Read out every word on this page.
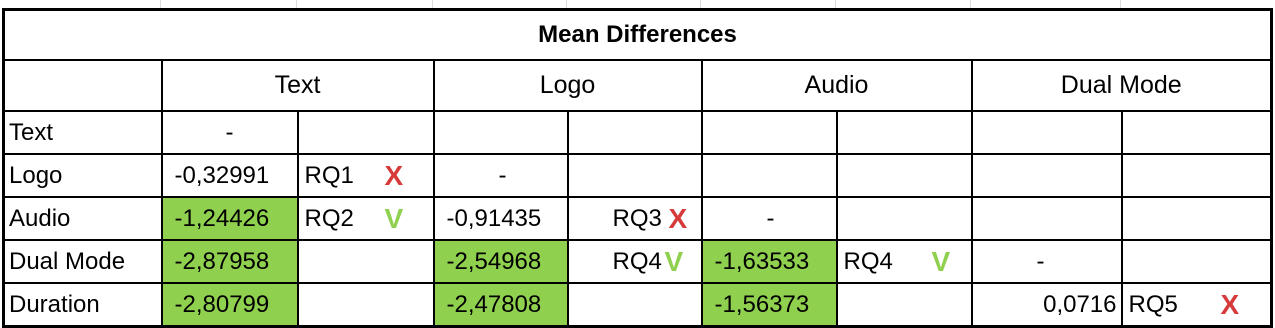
Mean Differences								
	Text		Logo		Audio		Dual Mode	
Text	-							
Logo	-0,32991	RQ1 X	-					
Audio	-1,24426	RQ2 V	-0,91435	RQ3 X	-			
Dual Mode	-2,87958		-2,54968	RQ4 V	-1,63533	RQ4 V	-	
Duration	-2,80799		-2,47808		-1,56373		0,0716	RQ5 X
